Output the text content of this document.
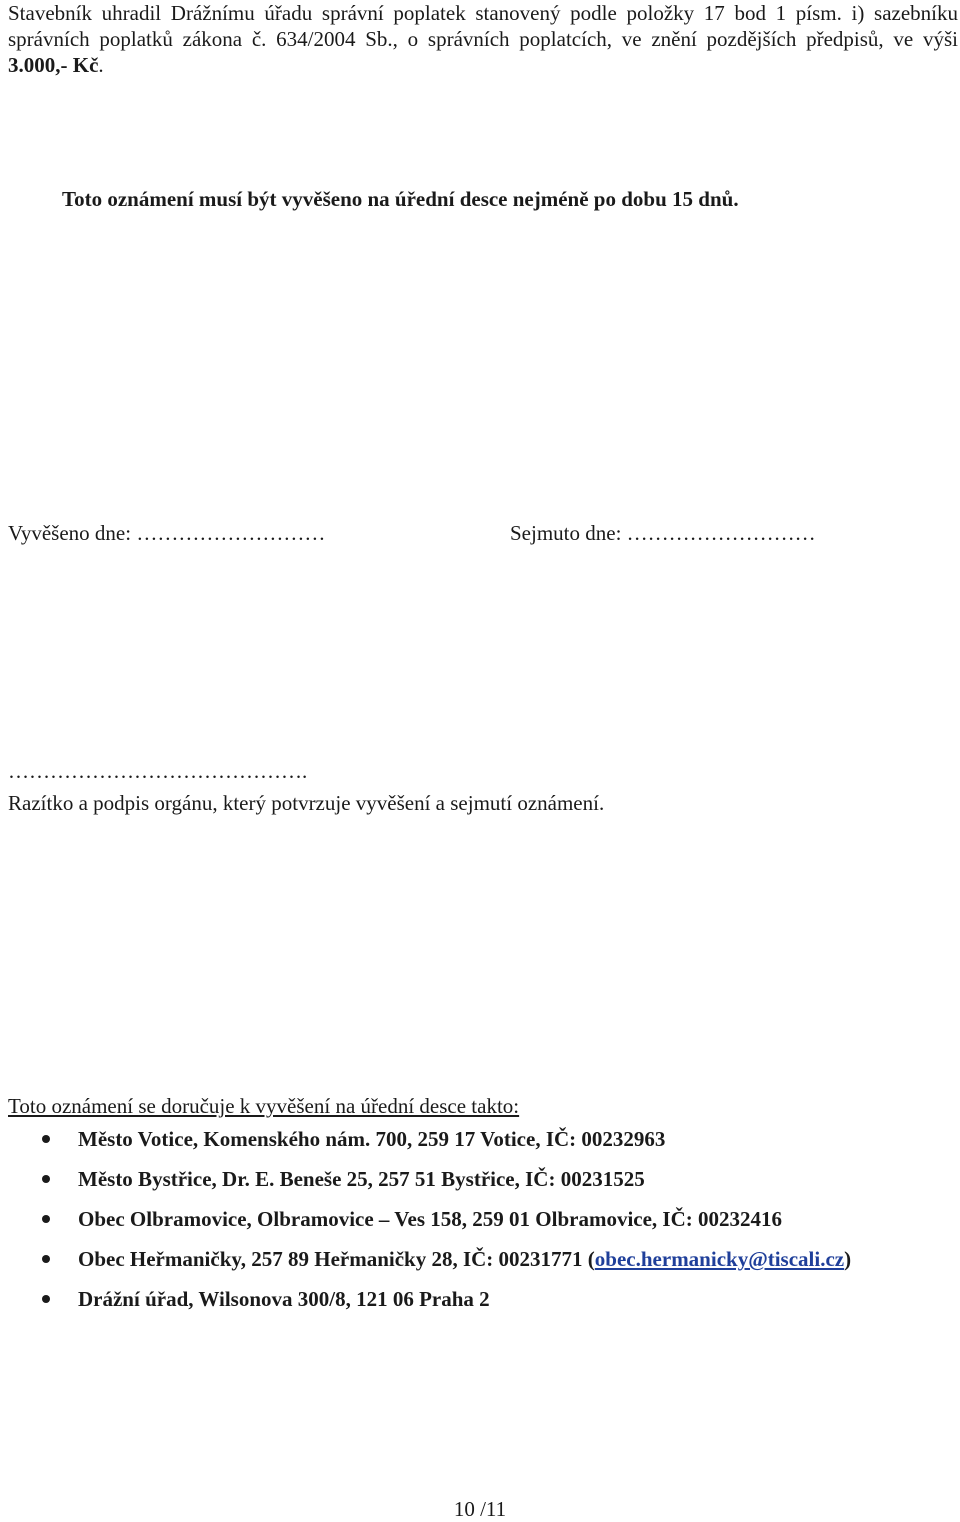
Stavebník uhradil Drážnímu úřadu správní poplatek stanovený podle položky 17 bod 1 písm. i) sazebníku správních poplatků zákona č. 634/2004 Sb., o správních poplatcích, ve znění pozdějších předpisů, ve výši 3.000,- Kč.

Toto oznámení musí být vyvěšeno na úřední desce nejméně po dobu 15 dnů.

Vyvěšeno dne: ………………………	Sejmuto dne: ………………………
…………………………………….
Razítko a podpis orgánu, který potvrzuje vyvěšení a sejmutí oznámení.

Toto oznámení se doručuje k vyvěšení na úřední desce takto:

Město Votice, Komenského nám. 700, 259 17 Votice, IČ: 00232963
Město Bystřice, Dr. E. Beneše 25, 257 51 Bystřice, IČ: 00231525
Obec Olbramovice, Olbramovice – Ves 158, 259 01 Olbramovice, IČ: 00232416
Obec Heřmaničky, 257 89 Heřmaničky 28, IČ: 00231771 (obec.hermanicky@tiscali.cz)
Drážní úřad, Wilsonova 300/8, 121 06 Praha 2
10 /11
